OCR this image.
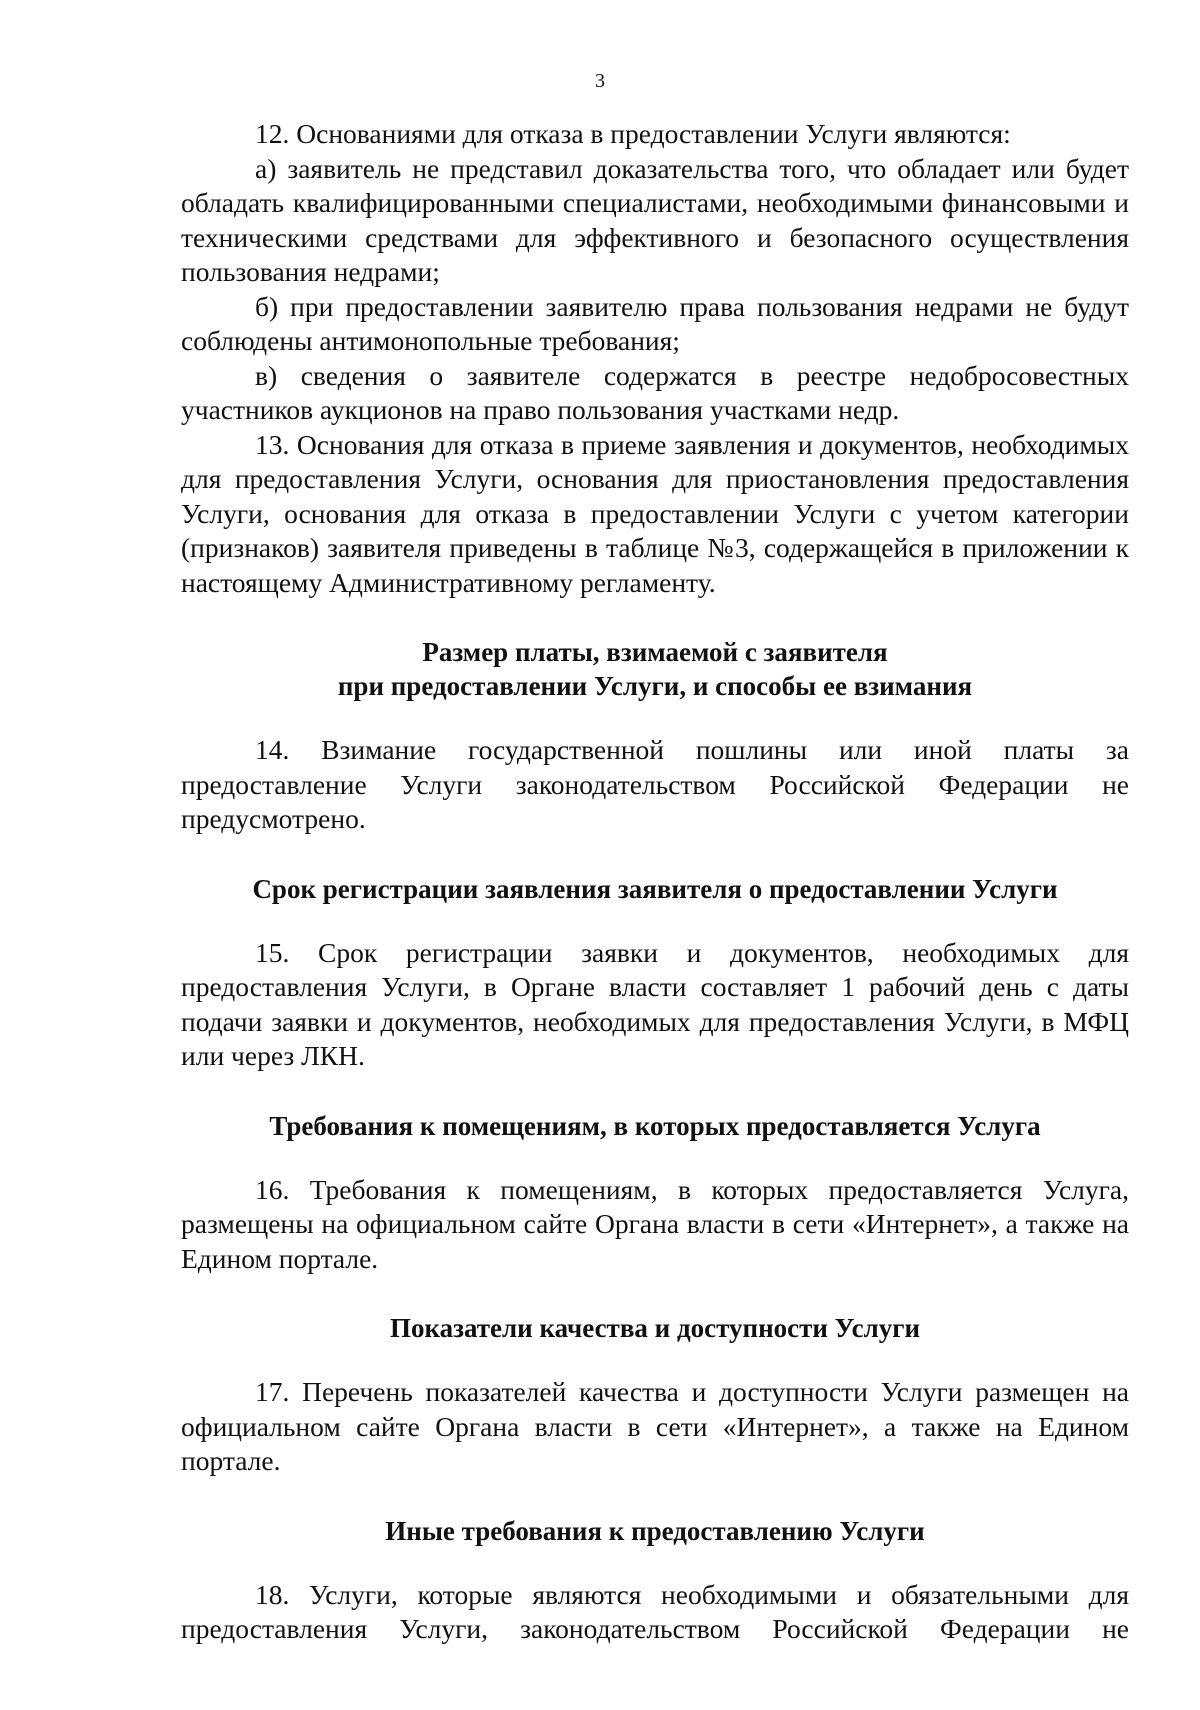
3

12. Основаниями для отказа в предоставлении Услуги являются:

а) заявитель не представил доказательства того, что обладает или будет обладать квалифицированными специалистами, необходимыми финансовыми и техническими средствами для эффективного и безопасного осуществления пользования недрами;

б) при предоставлении заявителю права пользования недрами не будут соблюдены антимонопольные требования;

в) сведения о заявителе содержатся в реестре недобросовестных участников аукционов на право пользования участками недр.

13. Основания для отказа в приеме заявления и документов, необходимых для предоставления Услуги, основания для приостановления предоставления Услуги, основания для отказа в предоставлении Услуги с учетом категории (признаков) заявителя приведены в таблице №3, содержащейся в приложении к настоящему Административному регламенту.

Размер платы, взимаемой с заявителя
при предоставлении Услуги, и способы ее взимания

14. Взимание государственной пошлины или иной платы за предоставление Услуги законодательством Российской Федерации не предусмотрено.

Срок регистрации заявления заявителя о предоставлении Услуги

15. Срок регистрации заявки и документов, необходимых для предоставления Услуги, в Органе власти составляет 1 рабочий день с даты подачи заявки и документов, необходимых для предоставления Услуги, в МФЦ или через ЛКН.

Требования к помещениям, в которых предоставляется Услуга

16. Требования к помещениям, в которых предоставляется Услуга, размещены на официальном сайте Органа власти в сети «Интернет», а также на Едином портале.

Показатели качества и доступности Услуги

17. Перечень показателей качества и доступности Услуги размещен на официальном сайте Органа власти в сети «Интернет», а также на Едином портале.

Иные требования к предоставлению Услуги

18. Услуги, которые являются необходимыми и обязательными для предоставления Услуги, законодательством Российской Федерации не
